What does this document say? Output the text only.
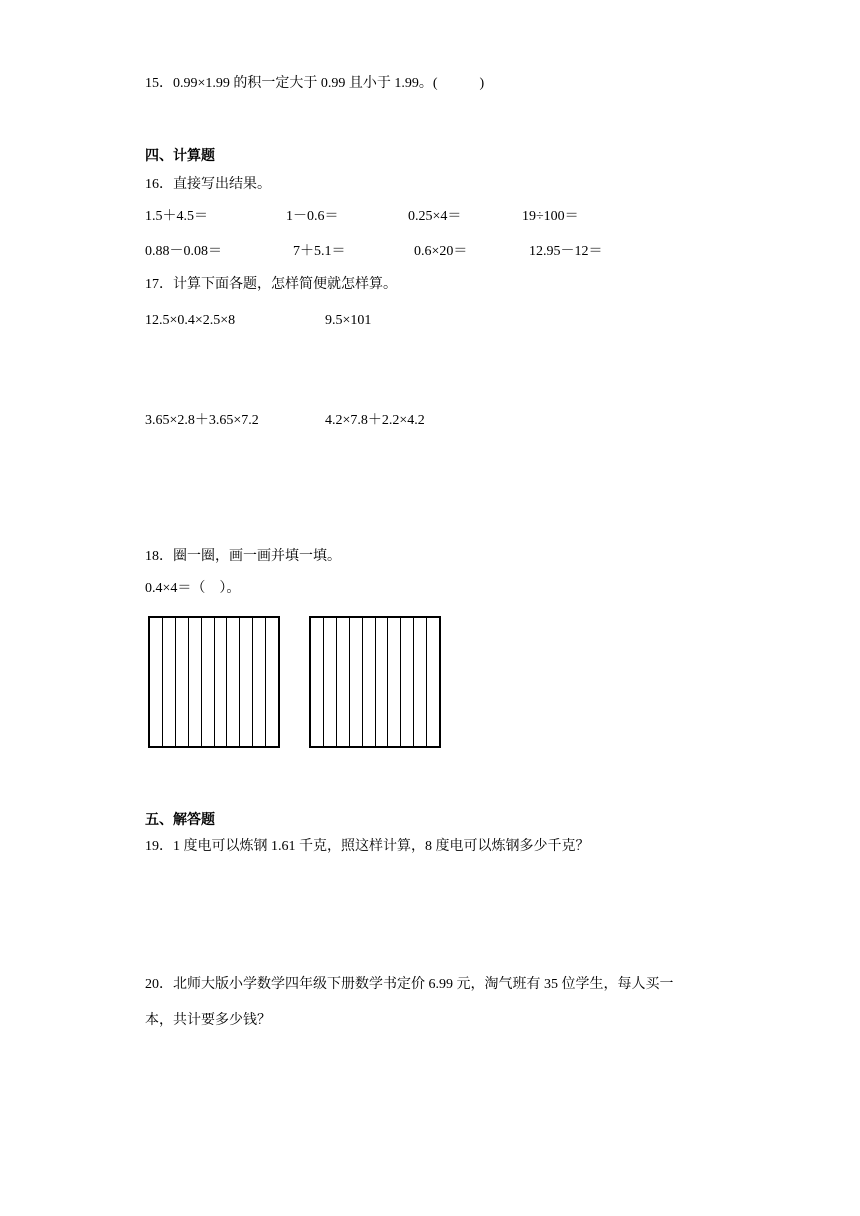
15．0.99×1.99 的积一定大于 0.99 且小于 1.99。(　　　)
四、计算题
16．直接写出结果。
1.5＋4.5＝	1－0.6＝	0.25×4＝	19÷100＝
0.88－0.08＝	7＋5.1＝	0.6×20＝	12.95－12＝
17．计算下面各题，怎样简便就怎样算。
12.5×0.4×2.5×8	9.5×101
3.65×2.8＋3.65×7.2	4.2×7.8＋2.2×4.2
18．圈一圈，画一画并填一填。
0.4×4＝（　）。
五、解答题
19．1 度电可以炼钢 1.61 千克，照这样计算，8 度电可以炼钢多少千克？
20．北师大版小学数学四年级下册数学书定价 6.99 元，淘气班有 35 位学生，每人买一
本，共计要多少钱？
